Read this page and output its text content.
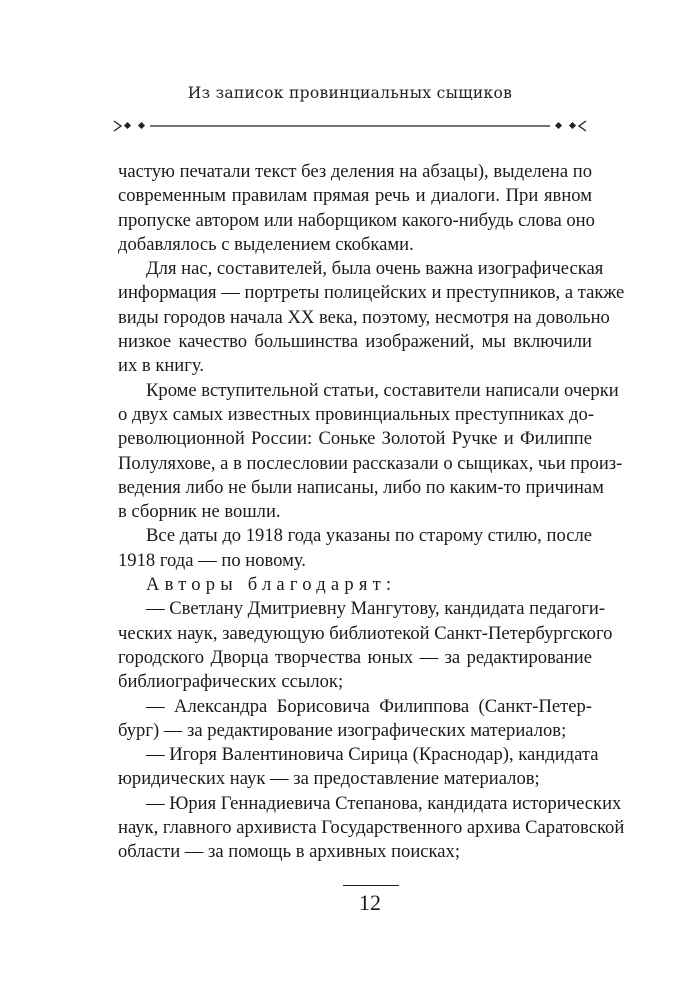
Из записок провинциальных сыщиков
частую печатали текст без деления на абзацы), выделена по
современным правилам прямая речь и диалоги. При явном
пропуске автором или наборщиком какого-нибудь слова оно
добавлялось с выделением скобками.
Для нас, составителей, была очень важна изографическая
информация — портреты полицейских и преступников, а также
виды городов начала XX века, поэтому, несмотря на довольно
низкое качество большинства изображений, мы включили
их в книгу.
Кроме вступительной статьи, составители написали очерки
о двух самых известных провинциальных преступниках до-
революционной России: Соньке Золотой Ручке и Филиппе
Полуляхове, а в послесловии рассказали о сыщиках, чьи произ-
ведения либо не были написаны, либо по каким-то причинам
в сборник не вошли.
Все даты до 1918 года указаны по старому стилю, после
1918 года — по новому.
Авторы благодарят:
— Светлану Дмитриевну Мангутову, кандидата педагоги-
ческих наук, заведующую библиотекой Санкт-Петербургского
городского Дворца творчества юных — за редактирование
библиографических ссылок;
— Александра Борисовича Филиппова (Санкт-Петер-
бург) — за редактирование изографических материалов;
— Игоря Валентиновича Сирица (Краснодар), кандидата
юридических наук — за предоставление материалов;
— Юрия Геннадиевича Степанова, кандидата исторических
наук, главного архивиста Государственного архива Саратовской
области — за помощь в архивных поисках;
12
